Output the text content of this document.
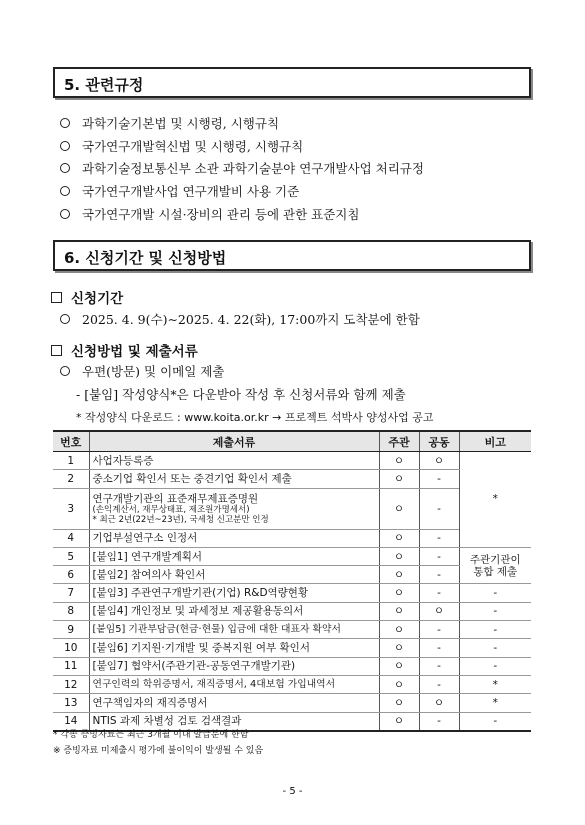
5. 관련규정
과학기술기본법 및 시행령, 시행규칙
국가연구개발혁신법 및 시행령, 시행규칙
과학기술정보통신부 소관 과학기술분야 연구개발사업 처리규정
국가연구개발사업 연구개발비 사용 기준
국가연구개발 시설·장비의 관리 등에 관한 표준지침
6. 신청기간 및 신청방법
신청기간
2025. 4. 9(수)∼2025. 4. 22(화), 17:00까지 도착분에 한함
신청방법 및 제출서류
우편(방문) 및 이메일 제출
- [붙임] 작성양식*은 다운받아 작성 후 신청서류와 함께 제출
* 작성양식 다운로드 : www.koita.or.kr → 프로젝트 석박사 양성사업 공고
번호	제출서류	주관	공동	비고
1	사업자등록증	ㅇ	ㅇ	*
2	중소기업 확인서 또는 중견기업 확인서 제출	ㅇ	-	
3	연구개발기관의 표준재무제표증명원
(손익계산서, 재무상태표, 제조원가명세서)
* 최근 2년(22년~23년), 국세청 신고분만 인정	ㅇ	-	
4	기업부설연구소 인정서	ㅇ	-	
5	[붙임1] 연구개발계획서	ㅇ	-	주관기관이
통합 제출

6	[붙임2] 참여의사 확인서	ㅇ	-	
7	[붙임3] 주관연구개발기관(기업) R&D역량현황	ㅇ	-	-
8	[붙임4] 개인정보 및 과세정보 제공활용동의서	ㅇ	ㅇ	-
9	[붙임5] 기관부담금(현금·현물) 입금에 대한 대표자 확약서	ㅇ	-	-
10	[붙임6] 기지원·기개발 및 중복지원 여부 확인서	ㅇ	-	-
11	[붙임7] 협약서(주관기관-공동연구개발기관)	ㅇ	-	-
12	연구인력의 학위증명서, 재직증명서, 4대보험 가입내역서	ㅇ	-	*
13	연구책임자의 재직증명서	ㅇ	ㅇ	*
14	NTIS 과제 차별성 검토 검색결과	ㅇ	-	-
* 각종 증빙자료는 최근 3개월 이내 발급분에 한함
※ 증빙자료 미제출시 평가에 불이익이 발생될 수 있음
- 5 -
